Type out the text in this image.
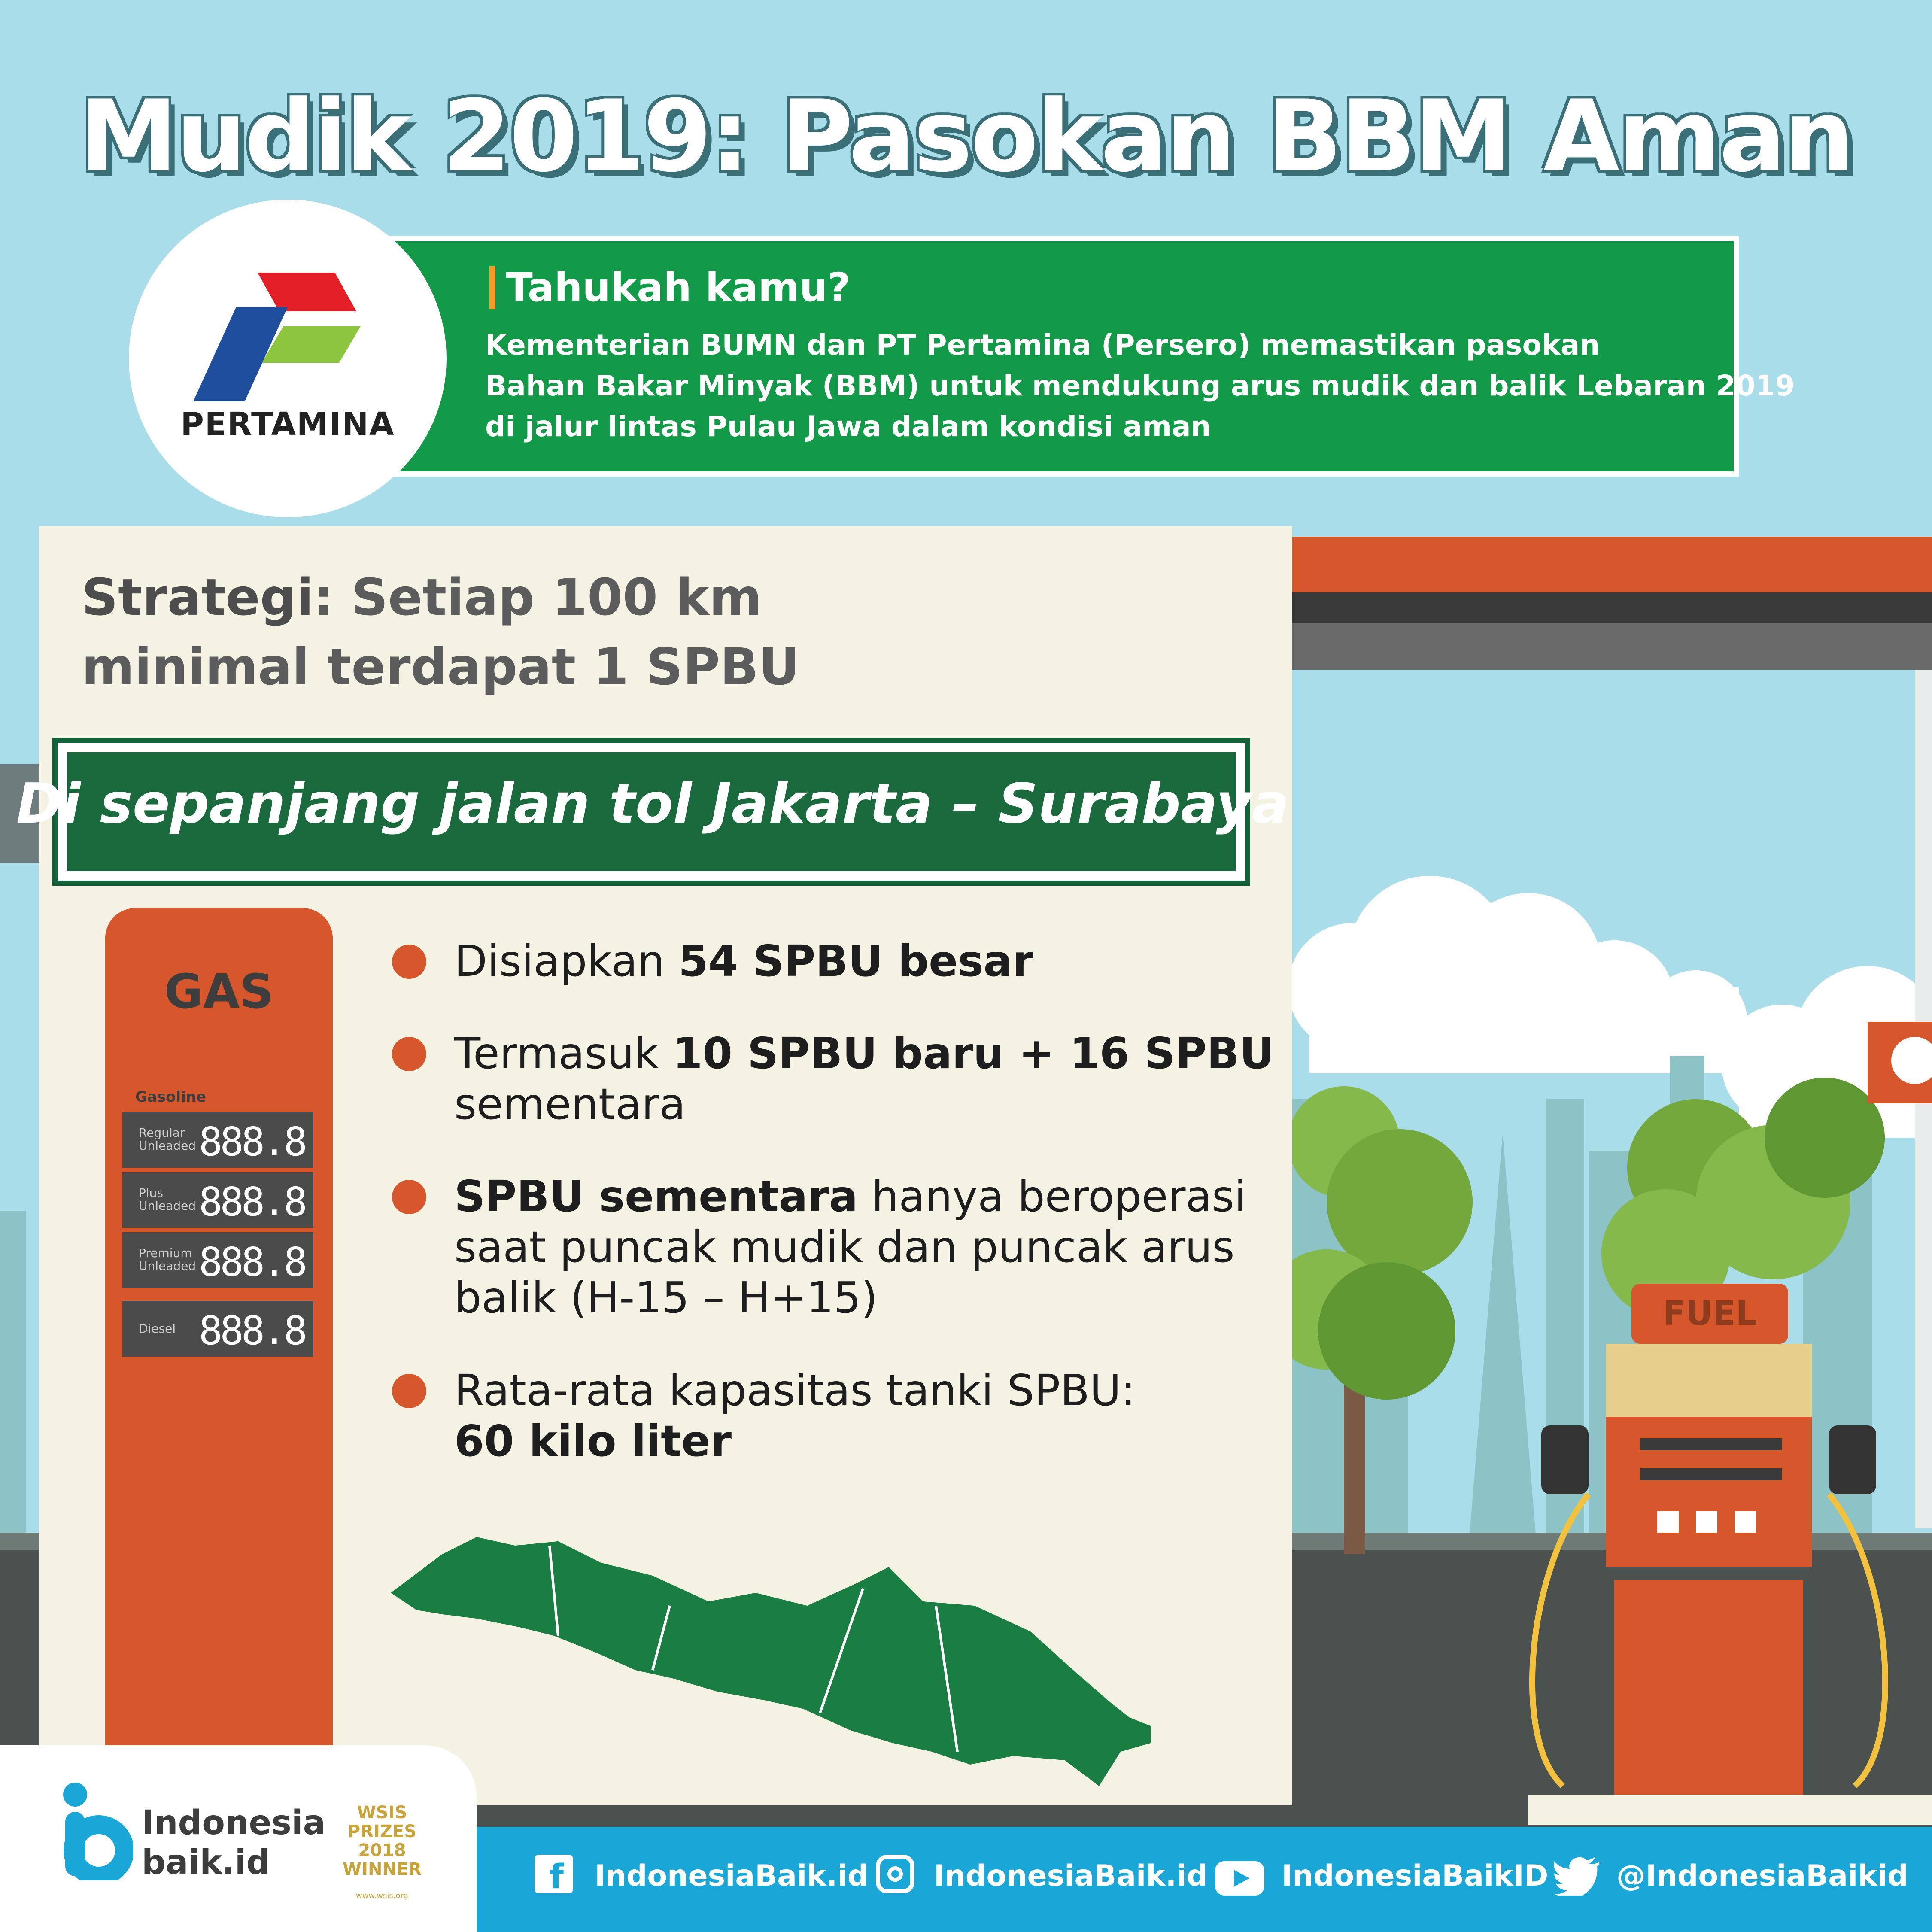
Mudik 2019: Pasokan BBM Aman
PERTAMINA
Tahukah kamu?
Kementerian BUMN dan PT Pertamina (Persero) memastikan pasokan
Bahan Bakar Minyak (BBM) untuk mendukung arus mudik dan balik Lebaran 2019
di jalur lintas Pulau Jawa dalam kondisi aman
Strategi: Setiap 100 km
minimal terdapat 1 SPBU
Di sepanjang jalan tol Jakarta – Surabaya
GAS
Gasoline
Regular Unleaded 888.8
Plus Unleaded 888.8
Premium Unleaded 888.8
Diesel 888.8
Disiapkan 54 SPBU besar
Termasuk 10 SPBU baru + 16 SPBU
sementara
SPBU sementara hanya beroperasi
saat puncak mudik dan puncak arus
balik (H-15 – H+15)
Rata-rata kapasitas tanki SPBU:
60 kilo liter
FUEL
Indonesia
baik.id
WSIS PRIZES 2018 WINNER
www.wsis.org	f IndonesiaBaik.id IndonesiaBaik.id	IndonesiaBaikID @IndonesiaBaikid
